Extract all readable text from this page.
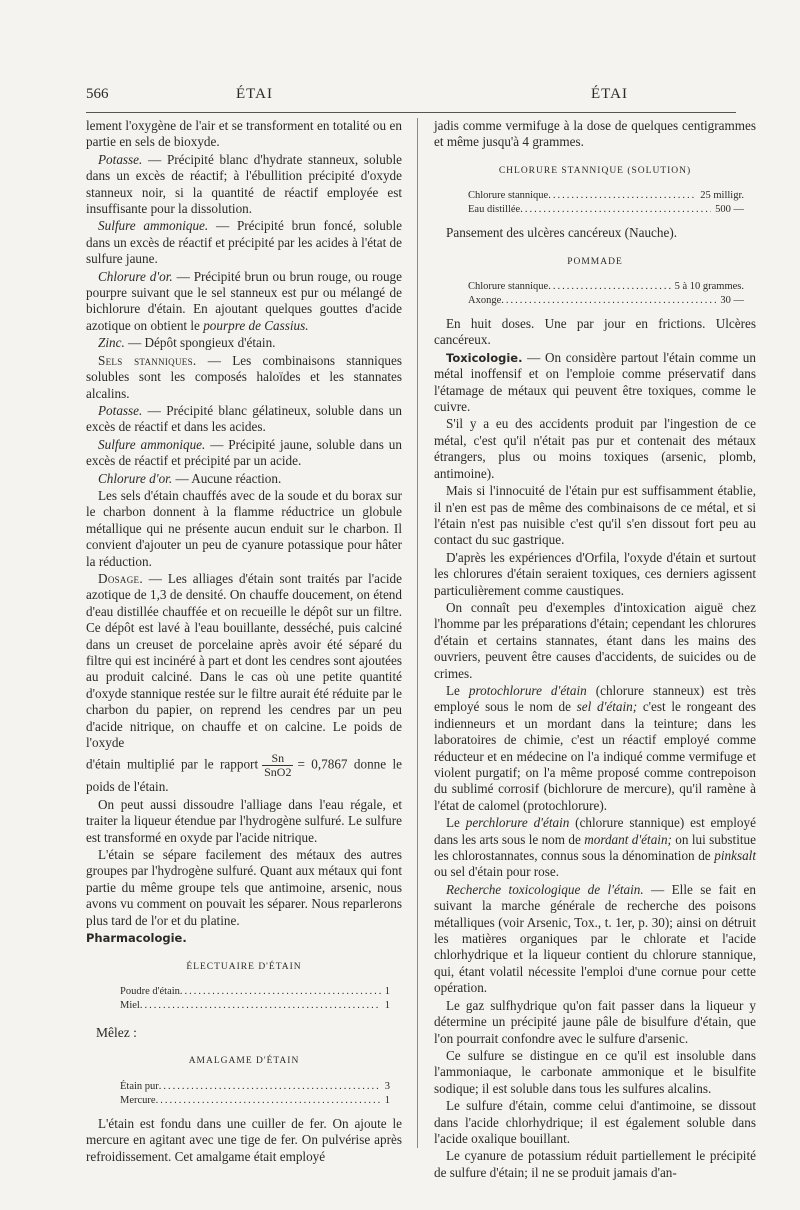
566	ÉTAI	ÉTAI

lement l'oxygène de l'air et se transforment en totalité ou en partie en sels de bioxyde.

Potasse. — Précipité blanc d'hydrate stanneux, soluble dans un excès de réactif; à l'ébullition précipité d'oxyde stanneux noir, si la quantité de réactif employée est insuffisante pour la dissolution.

Sulfure ammonique. — Précipité brun foncé, soluble dans un excès de réactif et précipité par les acides à l'état de sulfure jaune.

Chlorure d'or. — Précipité brun ou brun rouge, ou rouge pourpre suivant que le sel stanneux est pur ou mélangé de bichlorure d'étain. En ajoutant quelques gouttes d'acide azotique on obtient le pourpre de Cassius.

Zinc. — Dépôt spongieux d'étain.

Sels stanniques. — Les combinaisons stanniques solubles sont les composés haloïdes et les stannates alcalins.

Potasse. — Précipité blanc gélatineux, soluble dans un excès de réactif et dans les acides.

Sulfure ammonique. — Précipité jaune, soluble dans un excès de réactif et précipité par un acide.

Chlorure d'or. — Aucune réaction.

Les sels d'étain chauffés avec de la soude et du borax sur le charbon donnent à la flamme réductrice un globule métallique qui ne présente aucun enduit sur le charbon. Il convient d'ajouter un peu de cyanure potassique pour hâter la réduction.

Dosage. — Les alliages d'étain sont traités par l'acide azotique de 1,3 de densité. On chauffe doucement, on étend d'eau distillée chauffée et on recueille le dépôt sur un filtre. Ce dépôt est lavé à l'eau bouillante, desséché, puis calciné dans un creuset de porcelaine après avoir été séparé du filtre qui est incinéré à part et dont les cendres sont ajoutées au produit calciné. Dans le cas où une petite quantité d'oxyde stannique restée sur le filtre aurait été réduite par le charbon du papier, on reprend les cendres par un peu d'acide nitrique, on chauffe et on calcine. Le poids de l'oxyde

d'étain multiplié par le rapport $\frac{Sn}{\text{SnO2}} = 0,7867$ donne le poids de l'étain.

On peut aussi dissoudre l'alliage dans l'eau régale, et traiter la liqueur étendue par l'hydrogène sulfuré. Le sulfure est transformé en oxyde par l'acide nitrique.

L'étain se sépare facilement des métaux des autres groupes par l'hydrogène sulfuré. Quant aux métaux qui font partie du même groupe tels que antimoine, arsenic, nous avons vu comment on pouvait les séparer. Nous reparlerons plus tard de l'or et du platine.

Pharmacologie.

ÉLECTUAIRE D'ÉTAIN
Poudre d'étain .....	1
Miel .....	1
Mêlez :
AMALGAME D'ÉTAIN
Étain pur .....	3
Mercure .....	1

L'étain est fondu dans une cuiller de fer. On ajoute le mercure en agitant avec une tige de fer. On pulvérise après refroidissement. Cet amalgame était employé

jadis comme vermifuge à la dose de quelques centigrammes et même jusqu'à 4 grammes.

CHLORURE STANNIQUE (SOLUTION)
Chlorure stannique .....	25 milligr.
Eau distillée .....	500 —

Pansement des ulcères cancéreux (Nauche).

POMMADE
Chlorure stannique .....	5 à 10 grammes.
Axonge .....	30 —

En huit doses. Une par jour en frictions. Ulcères cancéreux.

Toxicologie. — On considère partout l'étain comme un métal inoffensif et on l'emploie comme préservatif dans l'étamage de métaux qui peuvent être toxiques, comme le cuivre.

S'il y a eu des accidents produit par l'ingestion de ce métal, c'est qu'il n'était pas pur et contenait des métaux étrangers, plus ou moins toxiques (arsenic, plomb, antimoine).

Mais si l'innocuité de l'étain pur est suffisamment établie, il n'en est pas de même des combinaisons de ce métal, et si l'étain n'est pas nuisible c'est qu'il s'en dissout fort peu au contact du suc gastrique.

D'après les expériences d'Orfila, l'oxyde d'étain et surtout les chlorures d'étain seraient toxiques, ces derniers agissent particulièrement comme caustiques.

On connaît peu d'exemples d'intoxication aiguë chez l'homme par les préparations d'étain; cependant les chlorures d'étain et certains stannates, étant dans les mains des ouvriers, peuvent être causes d'accidents, de suicides ou de crimes.

Le protochlorure d'étain (chlorure stanneux) est très employé sous le nom de sel d'étain; c'est le rongeant des indienneurs et un mordant dans la teinture; dans les laboratoires de chimie, c'est un réactif employé comme réducteur et en médecine on l'a indiqué comme vermifuge et violent purgatif; on l'a même proposé comme contrepoison du sublimé corrosif (bichlorure de mercure), qu'il ramène à l'état de calomel (protochlorure).

Le perchlorure d'étain (chlorure stannique) est employé dans les arts sous le nom de mordant d'étain; on lui substitue les chlorostannates, connus sous la dénomination de pinksalt ou sel d'étain pour rose.

Recherche toxicologique de l'étain. — Elle se fait en suivant la marche générale de recherche des poisons métalliques (voir Arsenic, Tox., t. 1er, p. 30); ainsi on détruit les matières organiques par le chlorate et l'acide chlorhydrique et la liqueur contient du chlorure stannique, qui, étant volatil nécessite l'emploi d'une cornue pour cette opération.

Le gaz sulfhydrique qu'on fait passer dans la liqueur y détermine un précipité jaune pâle de bisulfure d'étain, que l'on pourrait confondre avec le sulfure d'arsenic.

Ce sulfure se distingue en ce qu'il est insoluble dans l'ammoniaque, le carbonate ammonique et le bisulfite sodique; il est soluble dans tous les sulfures alcalins.

Le sulfure d'étain, comme celui d'antimoine, se dissout dans l'acide chlorhydrique; il est également soluble dans l'acide oxalique bouillant.

Le cyanure de potassium réduit partiellement le précipité de sulfure d'étain; il ne se produit jamais d'an-
